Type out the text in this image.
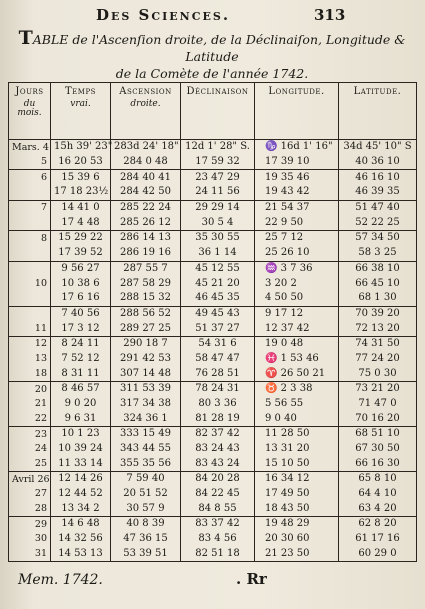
Des Sciences.	313
TABLE de l'Ascenſion droite, de la Déclinaiſon, Longitude & Latitude
de la Comète de l'année 1742.
Jours
du mois.	Temps
vrai.	Ascension
droite.	Déclinaison	Longitude.	Latitude.

Mars. 4	15h 39' 23"	283d 24' 18"	12d 1' 28" S.	♑ 16d 1' 16"	34d 45' 10" S
5	16 20 53	284 0 48	17 59 32	17 39 10	40 36 10
6	15 39 6	284 40 41	23 47 29	19 35 46	46 16 10
	17 18 23½	284 42 50	24 11 56	19 43 42	46 39 35
7	14 41 0	285 22 24	29 29 14	21 54 37	51 47 40
	17 4 48	285 26 12	30 5 4	22 9 50	52 22 25
8	15 29 22	286 14 13	35 30 55	25 7 12	57 34 50
	17 39 52	286 19 16	36 1 14	25 26 10	58 3 25
	9 56 27	287 55 7	45 12 55	♒ 3 7 36	66 38 10
10	10 38 6	287 58 29	45 21 20	3 20 2	66 45 10
	17 6 16	288 15 32	46 45 35	4 50 50	68 1 30
	7 40 56	288 56 52	49 45 43	9 17 12	70 39 20
11	17 3 12	289 27 25	51 37 27	12 37 42	72 13 20
12	8 24 11	290 18 7	54 31 6	19 0 48	74 31 50
13	7 52 12	291 42 53	58 47 47	♓ 1 53 46	77 24 20
18	8 31 11	307 14 48	76 28 51	♈ 26 50 21	75 0 30
20	8 46 57	311 53 39	78 24 31	♉ 2 3 38	73 21 20
21	9 0 20	317 34 38	80 3 36	5 56 55	71 47 0
22	9 6 31	324 36 1	81 28 19	9 0 40	70 16 20
23	10 1 23	333 15 49	82 37 42	11 28 50	68 51 10
24	10 39 24	343 44 55	83 24 43	13 31 20	67 30 50
25	11 33 14	355 35 56	83 43 24	15 10 50	66 16 30
Avril 26	12 14 26	7 59 40	84 20 28	16 34 12	65 8 10
27	12 44 52	20 51 52	84 22 45	17 49 50	64 4 10
28	13 34 2	30 57 9	84 8 55	18 43 50	63 4 20
29	14 6 48	40 8 39	83 37 42	19 48 29	62 8 20
30	14 32 56	47 36 15	83 4 56	20 30 60	61 17 16
31	14 53 13	53 39 51	82 51 18	21 23 50	60 29 0
Mem. 1742.	. Rr
